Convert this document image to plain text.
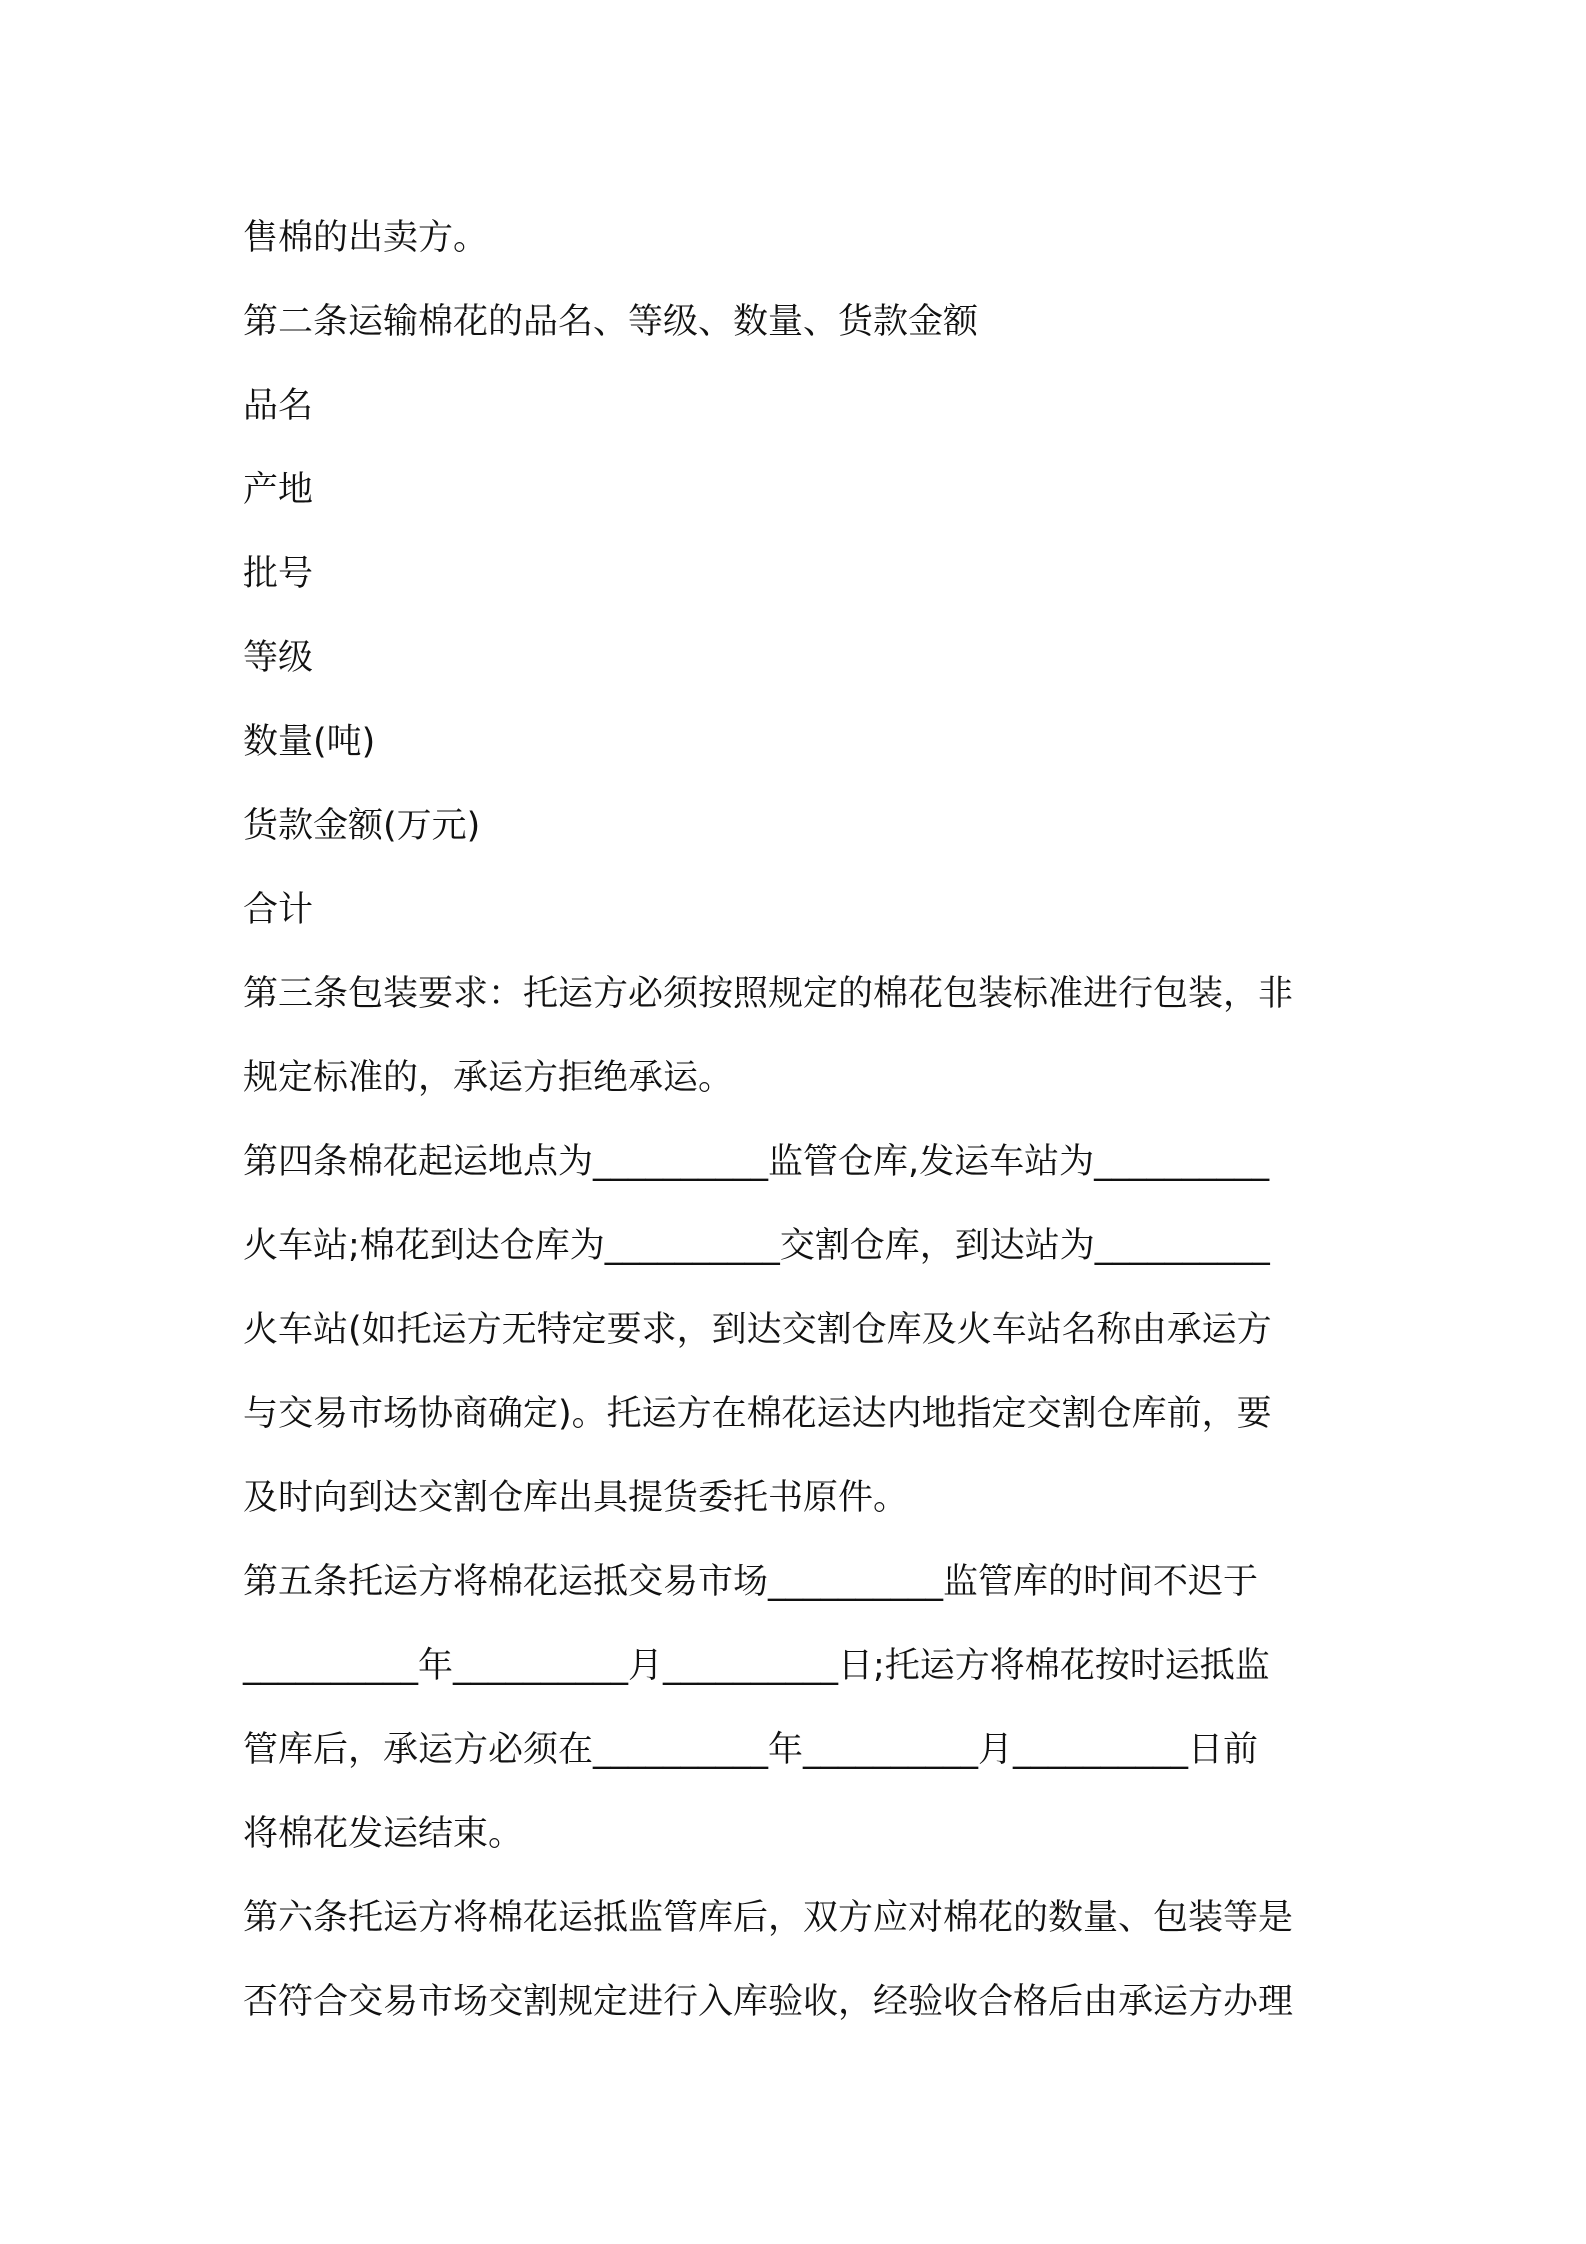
售棉的出卖方。
第二条运输棉花的品名、等级、数量、货款金额
品名
产地
批号
等级
数量(吨)
货款金额(万元)
合计
第三条包装要求：托运方必须按照规定的棉花包装标准进行包装，非
规定标准的，承运方拒绝承运。
第四条棉花起运地点为__________监管仓库,发运车站为__________
火车站;棉花到达仓库为__________交割仓库，到达站为__________
火车站(如托运方无特定要求，到达交割仓库及火车站名称由承运方
与交易市场协商确定)。托运方在棉花运达内地指定交割仓库前，要
及时向到达交割仓库出具提货委托书原件。
第五条托运方将棉花运抵交易市场__________监管库的时间不迟于
__________年__________月__________日;托运方将棉花按时运抵监
管库后，承运方必须在__________年__________月__________日前
将棉花发运结束。
第六条托运方将棉花运抵监管库后，双方应对棉花的数量、包装等是
否符合交易市场交割规定进行入库验收，经验收合格后由承运方办理
